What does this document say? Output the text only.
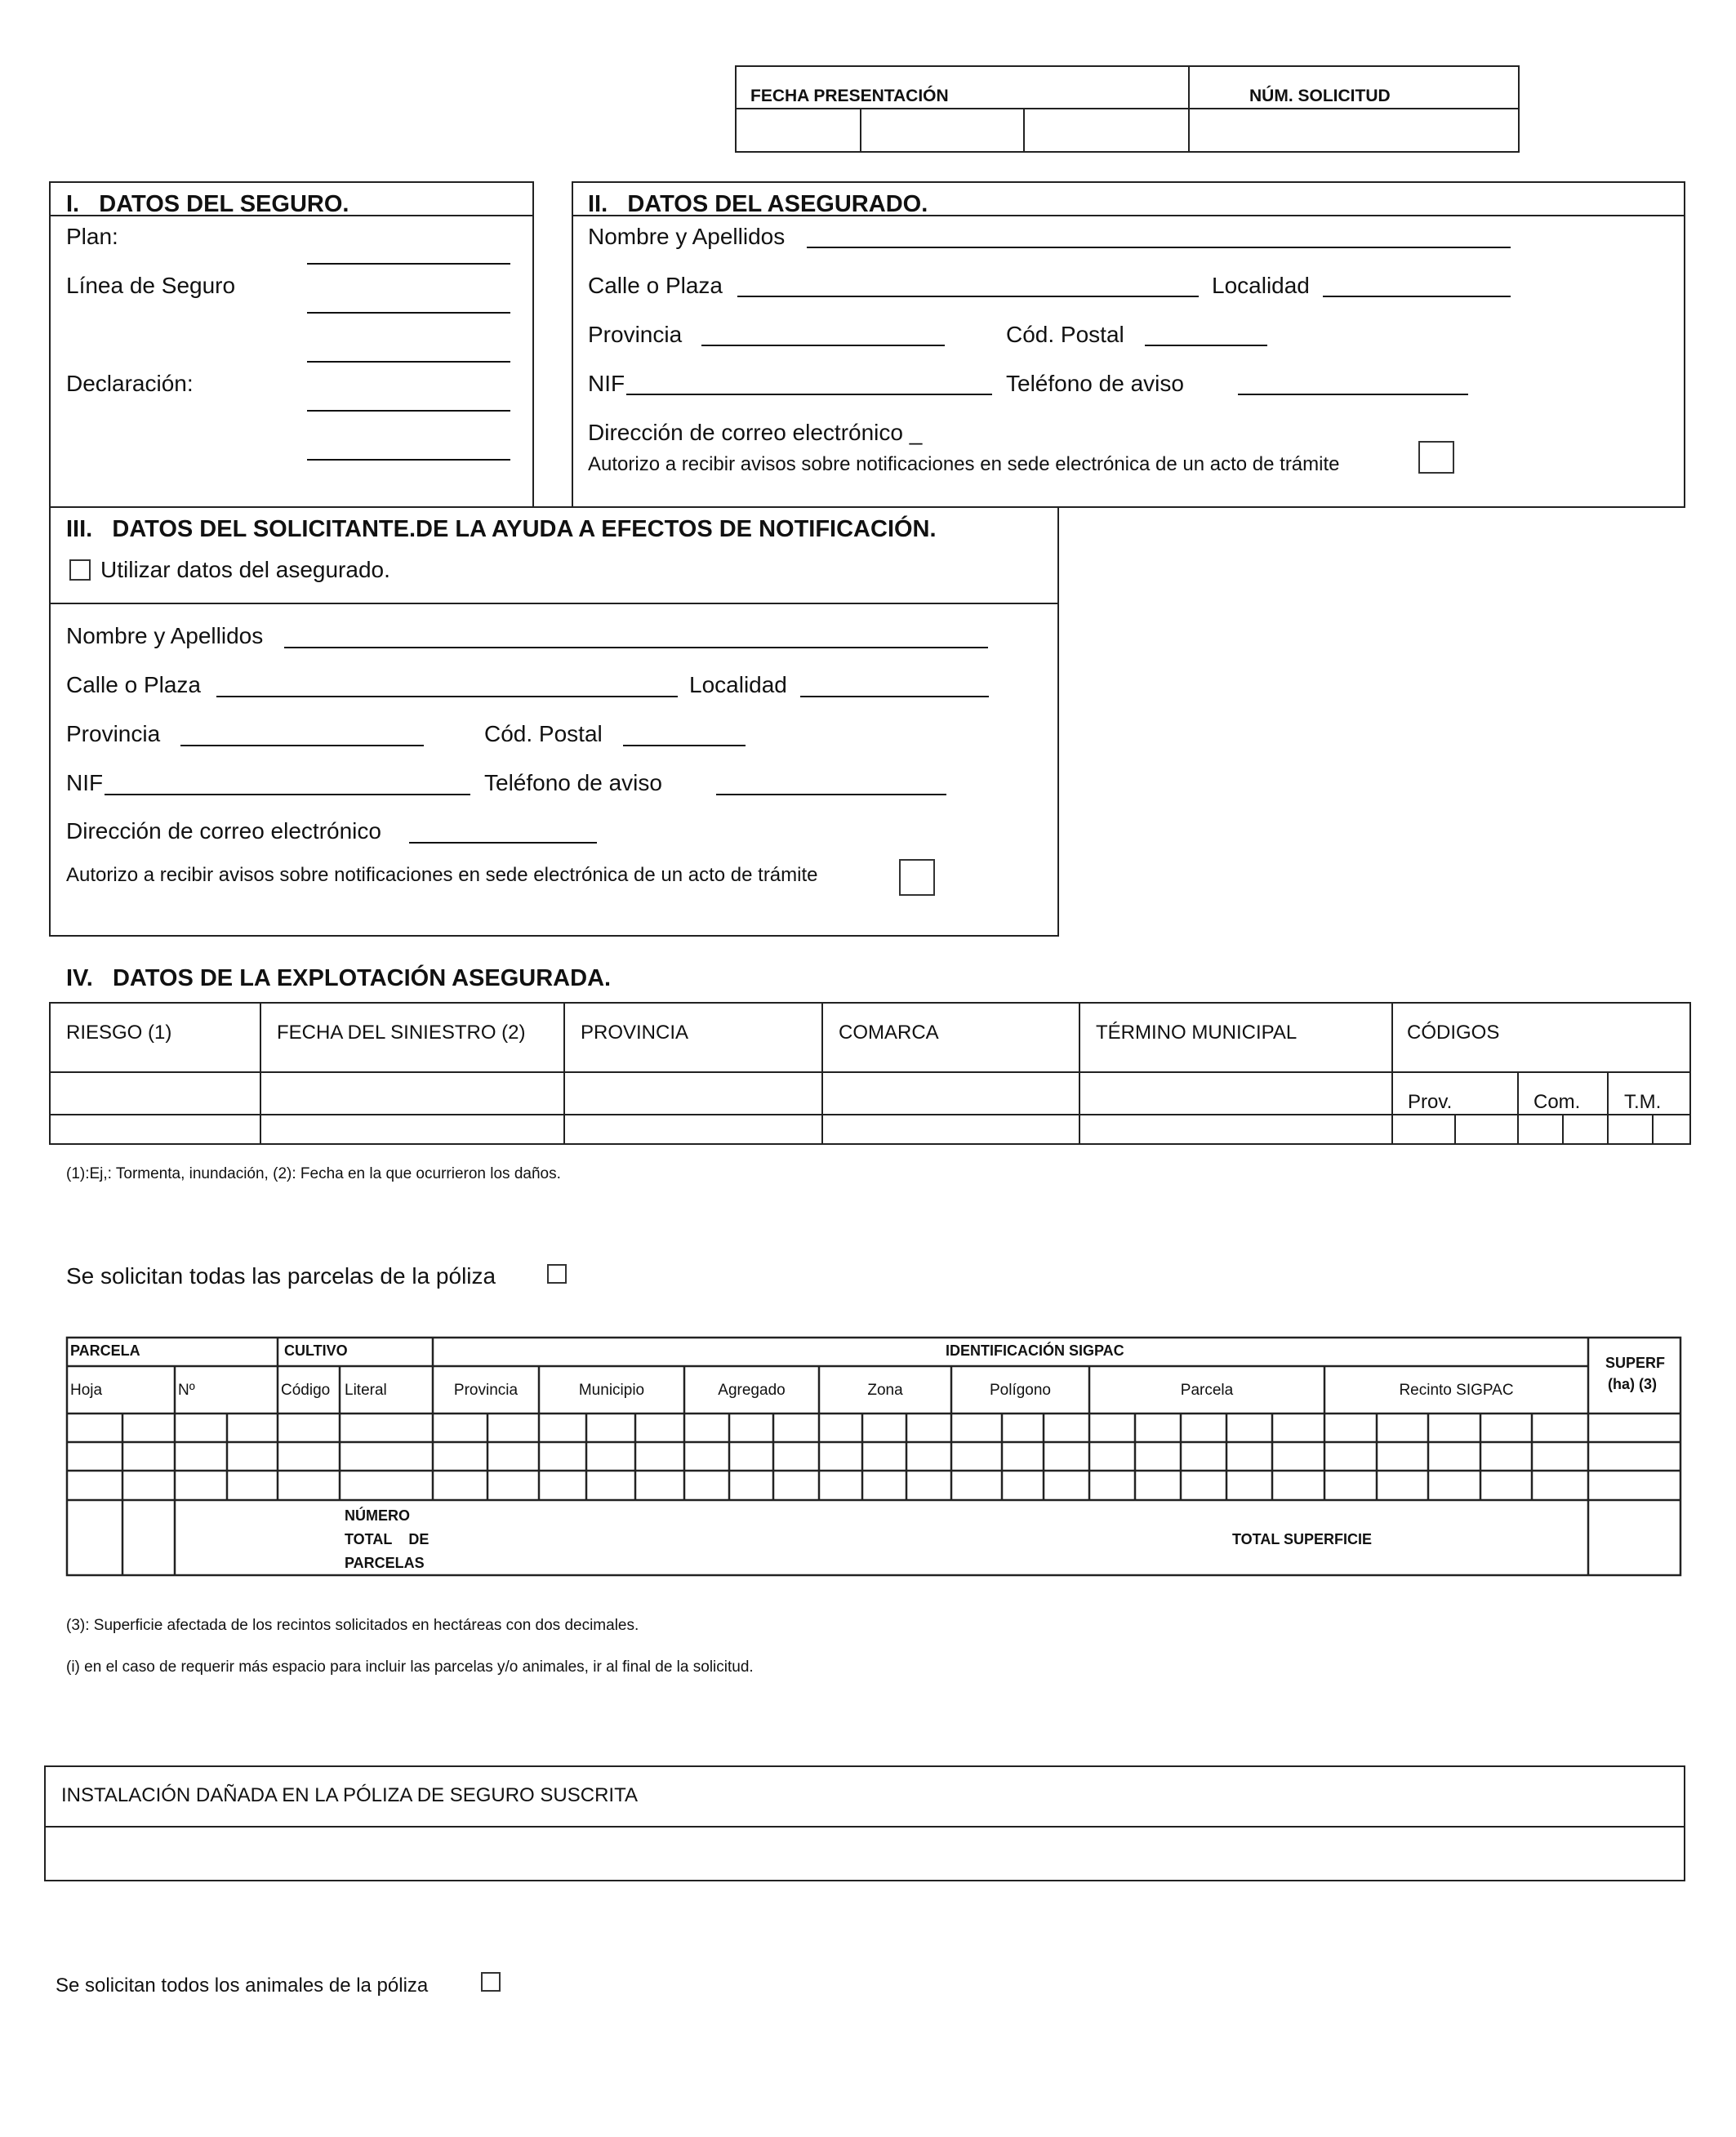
FECHA PRESENTACIÓN	NÚM. SOLICITUD
I.   DATOS DEL SEGURO.
Plan:
Línea de Seguro
Declaración:
II.   DATOS DEL ASEGURADO.
Nombre y Apellidos
Calle o Plaza	Localidad
Provincia	Cód. Postal
NIF	Teléfono de aviso
Dirección de correo electrónico _
Autorizo a recibir avisos sobre notificaciones en sede electrónica de un acto de trámite
III.   DATOS DEL SOLICITANTE.DE LA AYUDA A EFECTOS DE NOTIFICACIÓN.
Utilizar datos del asegurado.
Nombre y Apellidos
Calle o Plaza	Localidad
Provincia	Cód. Postal
NIF	Teléfono de aviso
Dirección de correo electrónico
Autorizo a recibir avisos sobre notificaciones en sede electrónica de un acto de trámite
IV.   DATOS DE LA EXPLOTACIÓN ASEGURADA.
RIESGO (1)	FECHA DEL SINIESTRO (2)	PROVINCIA	COMARCA	TÉRMINO MUNICIPAL	CÓDIGOS
Prov.	Com. T.M.
(1):Ej,: Tormenta, inundación, (2): Fecha en la que ocurrieron los daños.
Se solicitan todas las parcelas de la póliza
PARCELA	CULTIVO	IDENTIFICACIÓN SIGPAC
SUPERF
(ha) (3)
Hoja	Nº	Código Literal	Provincia	Municipio	Agregado	Zona	Polígono	Parcela	Recinto SIGPAC
NÚMERO
TOTAL    DE
PARCELAS
TOTAL SUPERFICIE
(3): Superficie afectada de los recintos solicitados en hectáreas con dos decimales.
(i) en el caso de requerir más espacio para incluir las parcelas y/o animales, ir al final de la solicitud.
INSTALACIÓN DAÑADA EN LA PÓLIZA DE SEGURO SUSCRITA
Se solicitan todos los animales de la póliza
